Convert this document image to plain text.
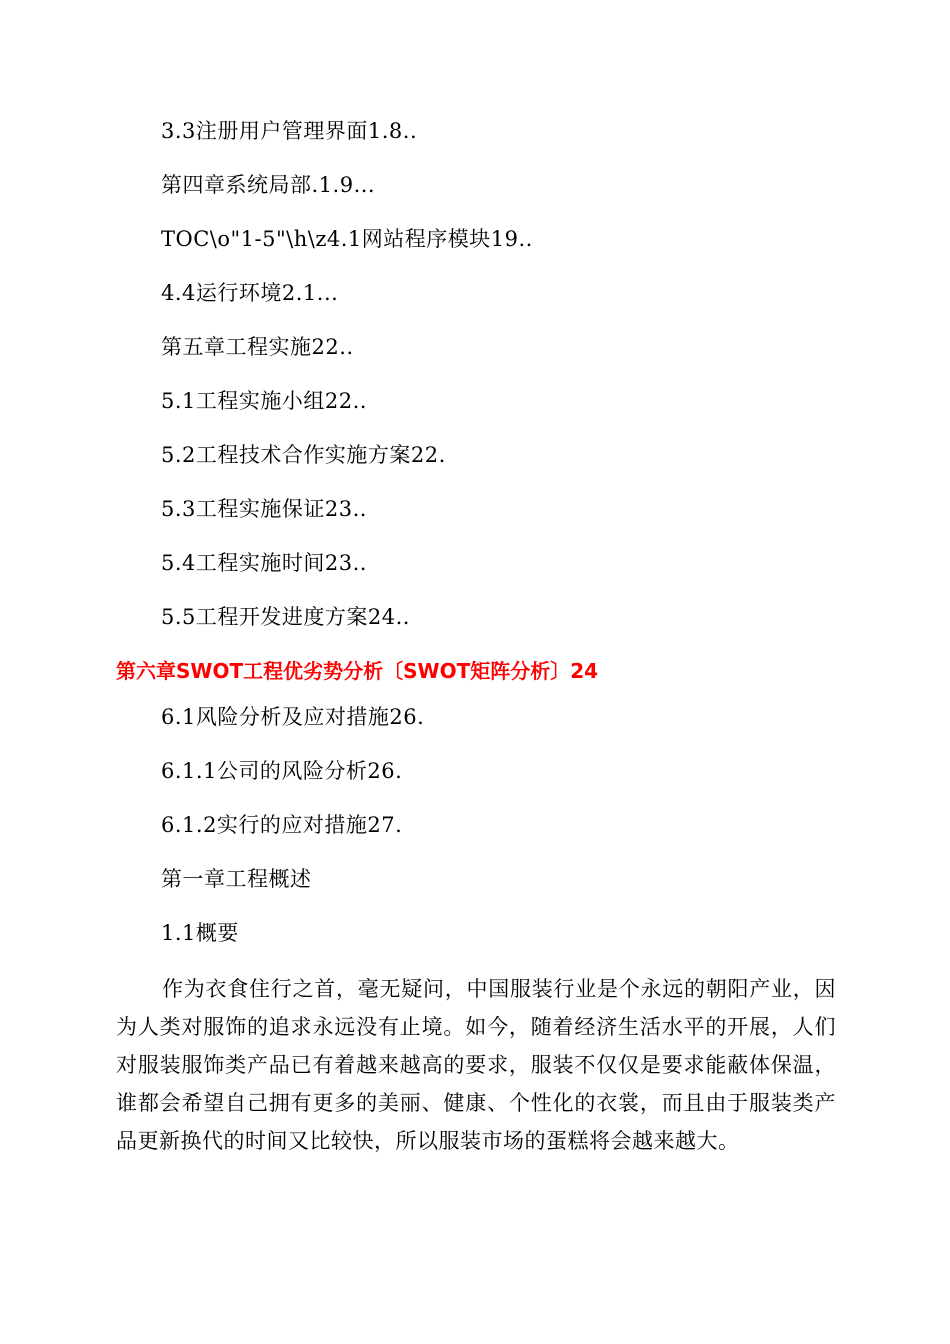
3.3注册用户管理界面1.8..
第四章系统局部.1.9...
TOC\o"1-5"\h\z4.1网站程序模块19..
4.4运行环境2.1...
第五章工程实施22..
5.1工程实施小组22..
5.2工程技术合作实施方案22.
5.3工程实施保证23..
5.4工程实施时间23..
5.5工程开发进度方案24..
第六章SWOT工程优劣势分析〔SWOT矩阵分析〕24
6.1风险分析及应对措施26.
6.1.1公司的风险分析26.
6.1.2实行的应对措施27.
第一章工程概述
1.1概要
作为衣食住行之首，毫无疑问，中国服装行业是个永远的朝阳产业，因为人类对服饰的追求永远没有止境。如今，随着经济生活水平的开展，人们对服装服饰类产品已有着越来越高的要求，服装不仅仅是要求能蔽体保温，谁都会希望自己拥有更多的美丽、健康、个性化的衣裳，而且由于服装类产品更新换代的时间又比较快，所以服装市场的蛋糕将会越来越大。
